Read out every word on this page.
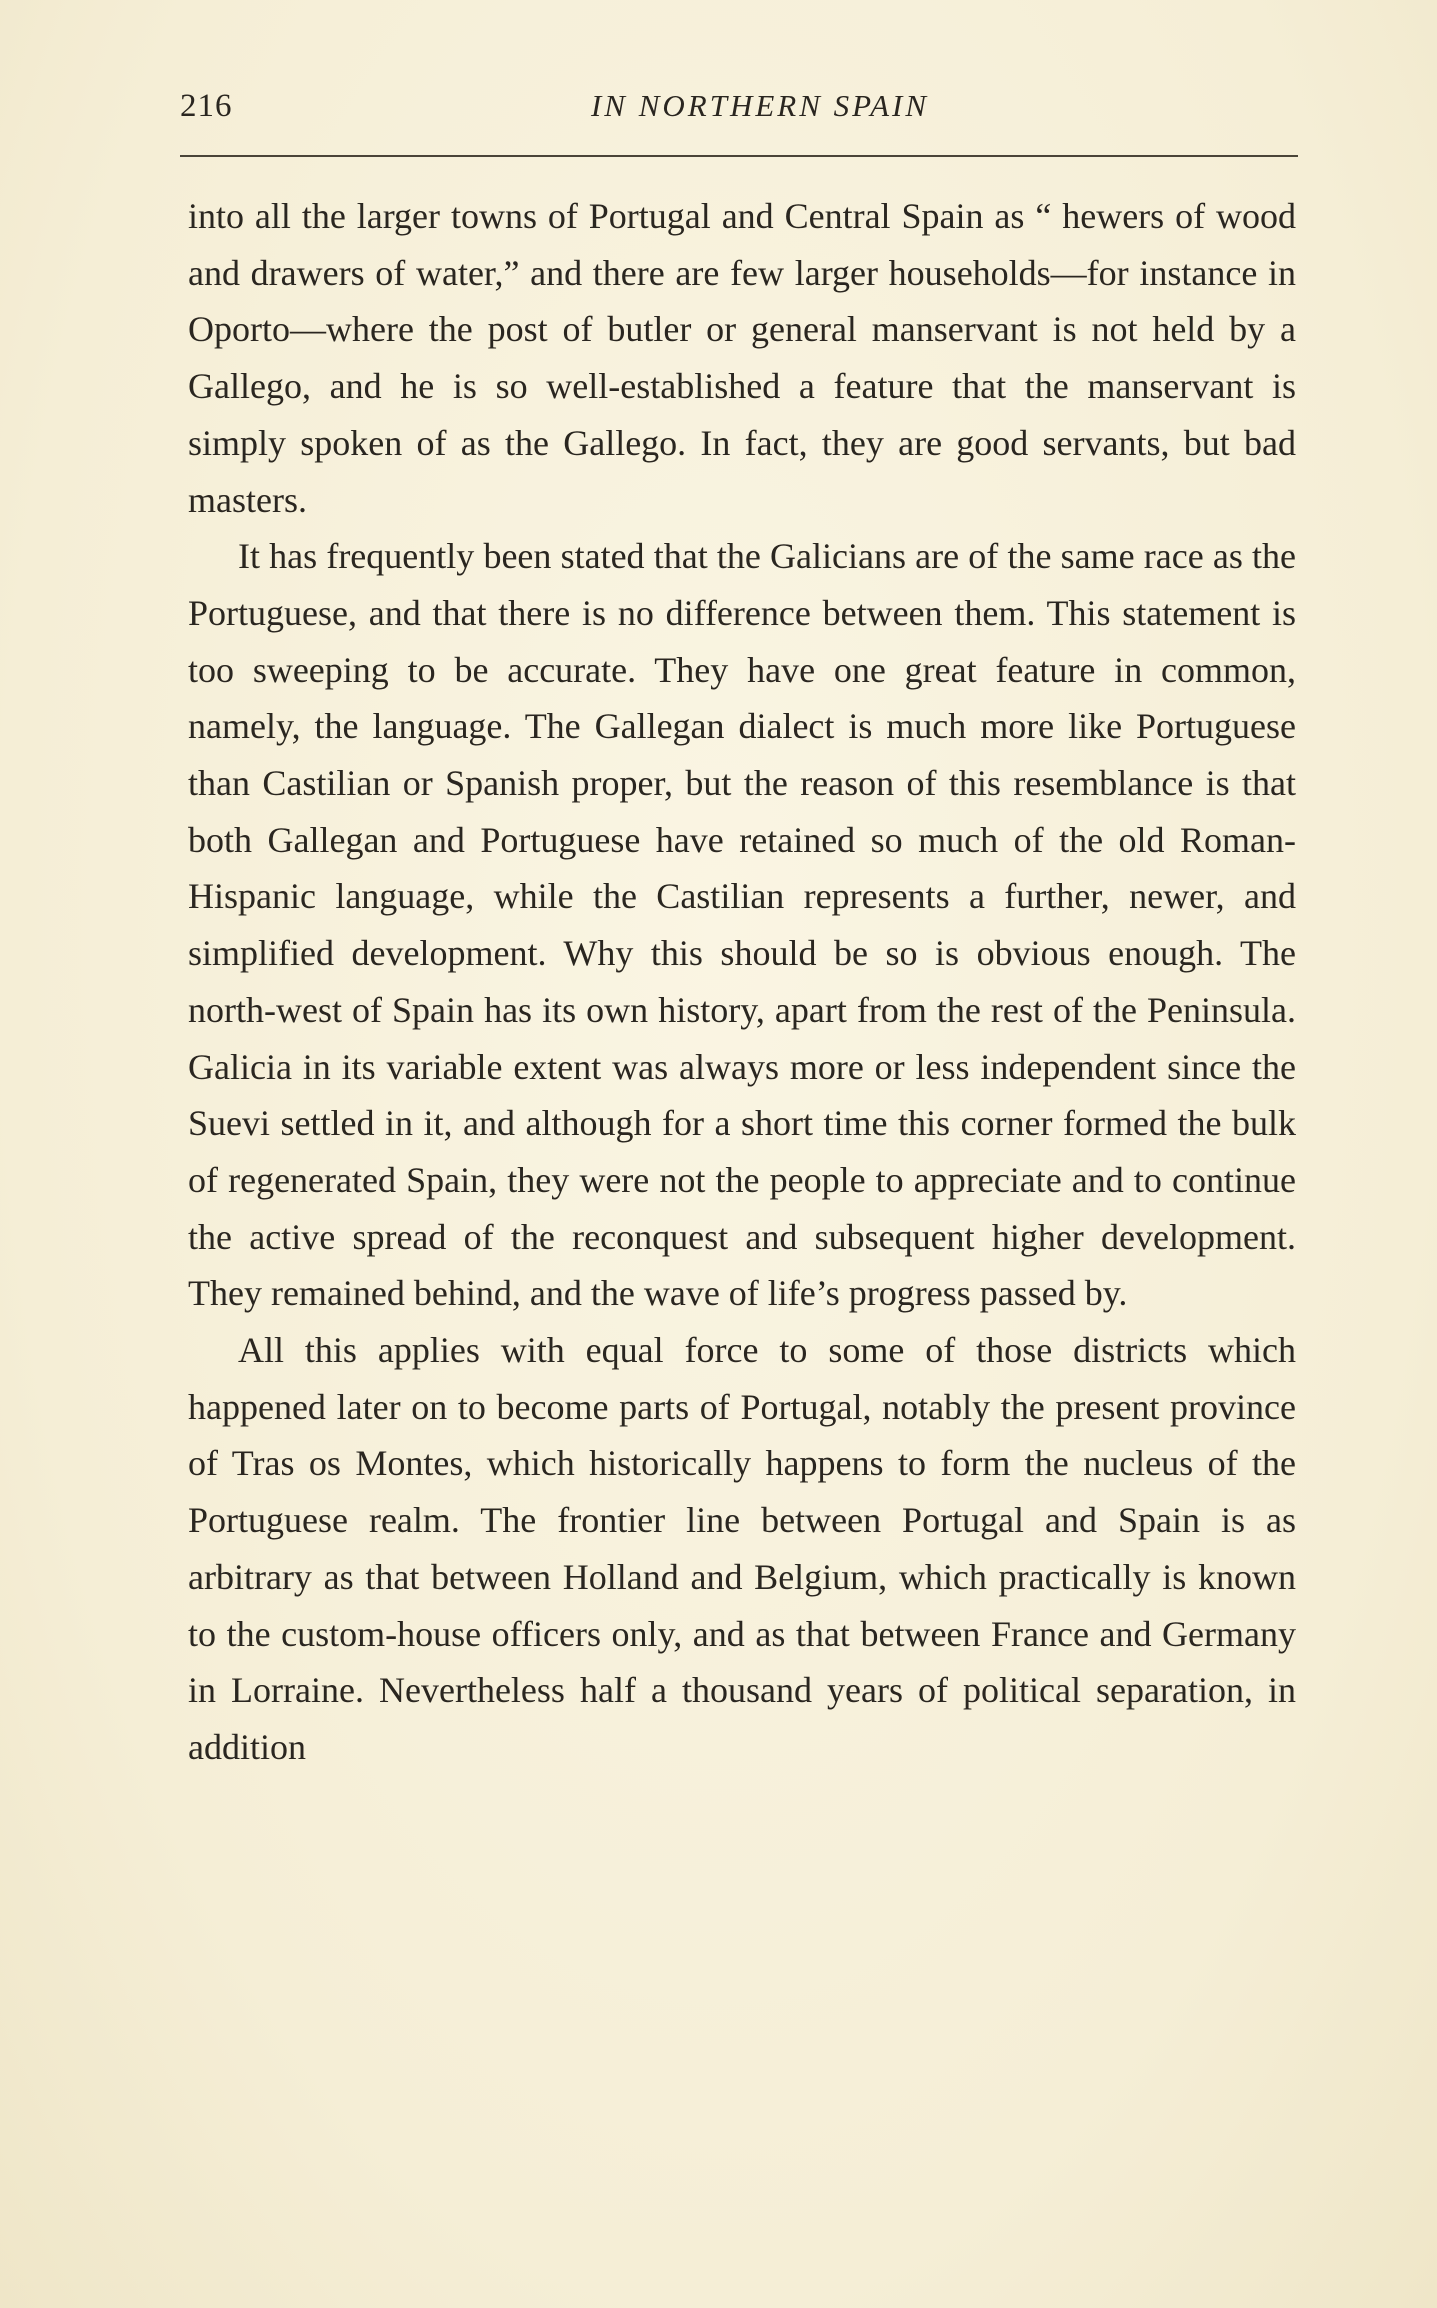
216	IN NORTHERN SPAIN

into all the larger towns of Portugal and Central Spain as “ hewers of wood and drawers of water,” and there are few larger households—for instance in Oporto—where the post of butler or general manservant is not held by a Gallego, and he is so well-established a feature that the manservant is simply spoken of as the Gallego. In fact, they are good servants, but bad masters.

It has frequently been stated that the Galicians are of the same race as the Portuguese, and that there is no difference between them. This statement is too sweeping to be accurate. They have one great feature in common, namely, the language. The Gallegan dialect is much more like Portuguese than Castilian or Spanish proper, but the reason of this resemblance is that both Gallegan and Portuguese have retained so much of the old Roman-Hispanic language, while the Castilian represents a further, newer, and simplified development. Why this should be so is obvious enough. The north-west of Spain has its own history, apart from the rest of the Peninsula. Galicia in its variable extent was always more or less independent since the Suevi settled in it, and although for a short time this corner formed the bulk of regenerated Spain, they were not the people to appreciate and to continue the active spread of the reconquest and subsequent higher development. They remained behind, and the wave of life’s progress passed by.

All this applies with equal force to some of those districts which happened later on to become parts of Portugal, notably the present province of Tras os Montes, which historically happens to form the nucleus of the Portuguese realm. The frontier line between Portugal and Spain is as arbitrary as that between Holland and Belgium, which practically is known to the custom-house officers only, and as that between France and Germany in Lorraine. Nevertheless half a thousand years of political separation, in addition
